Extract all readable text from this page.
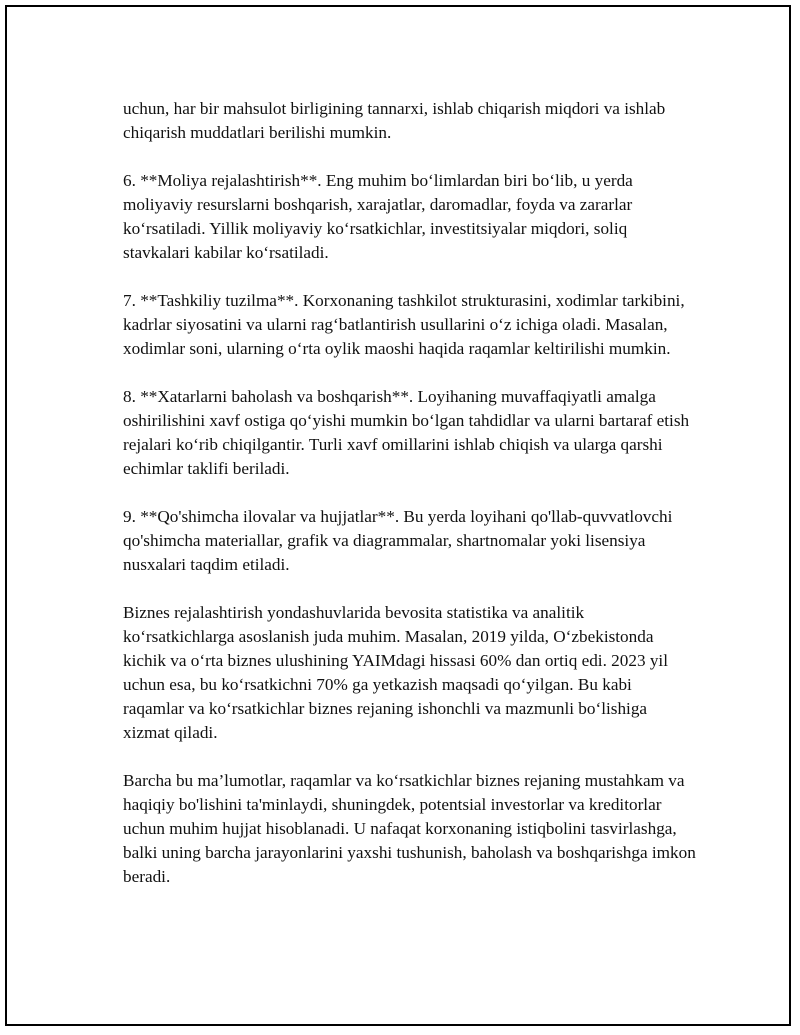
uchun, har bir mahsulot birligining tannarxi, ishlab chiqarish miqdori va ishlab chiqarish muddatlari berilishi mumkin.

6. **Moliya rejalashtirish**. Eng muhim bo‘limlardan biri bo‘lib, u yerda moliyaviy resurslarni boshqarish, xarajatlar, daromadlar, foyda va zararlar ko‘rsatiladi. Yillik moliyaviy ko‘rsatkichlar, investitsiyalar miqdori, soliq stavkalari kabilar ko‘rsatiladi.

7. **Tashkiliy tuzilma**. Korxonaning tashkilot strukturasini, xodimlar tarkibini, kadrlar siyosatini va ularni rag‘batlantirish usullarini o‘z ichiga oladi. Masalan, xodimlar soni, ularning o‘rta oylik maoshi haqida raqamlar keltirilishi mumkin.

8. **Xatarlarni baholash va boshqarish**. Loyihaning muvaffaqiyatli amalga oshirilishini xavf ostiga qo‘yishi mumkin bo‘lgan tahdidlar va ularni bartaraf etish rejalari ko‘rib chiqilgantir. Turli xavf omillarini ishlab chiqish va ularga qarshi echimlar taklifi beriladi.

9. **Qo'shimcha ilovalar va hujjatlar**. Bu yerda loyihani qo'llab-quvvatlovchi qo'shimcha materiallar, grafik va diagrammalar, shartnomalar yoki lisensiya nusxalari taqdim etiladi.

Biznes rejalashtirish yondashuvlarida bevosita statistika va analitik ko‘rsatkichlarga asoslanish juda muhim. Masalan, 2019 yilda, O‘zbekistonda kichik va o‘rta biznes ulushining YAIMdagi hissasi 60% dan ortiq edi. 2023 yil uchun esa, bu ko‘rsatkichni 70% ga yetkazish maqsadi qo‘yilgan. Bu kabi raqamlar va ko‘rsatkichlar biznes rejaning ishonchli va mazmunli bo‘lishiga xizmat qiladi.

Barcha bu ma’lumotlar, raqamlar va ko‘rsatkichlar biznes rejaning mustahkam va haqiqiy bo'lishini ta'minlaydi, shuningdek, potentsial investorlar va kreditorlar uchun muhim hujjat hisoblanadi. U nafaqat korxonaning istiqbolini tasvirlashga, balki uning barcha jarayonlarini yaxshi tushunish, baholash va boshqarishga imkon beradi.
